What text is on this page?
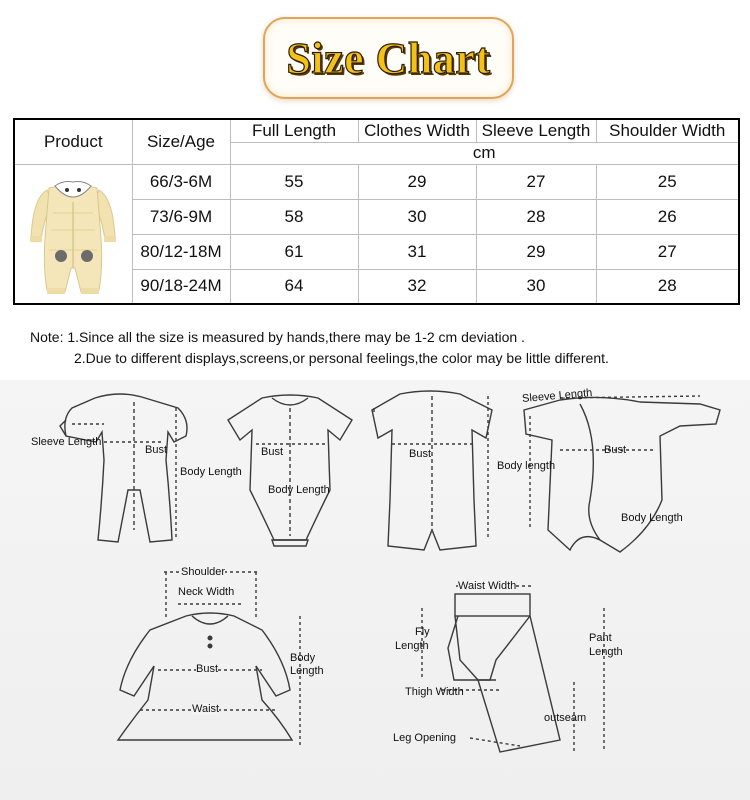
Size Chart
Product	Size/Age	Full Length	Clothes Width	Sleeve Length	Shoulder Width
		cm			

	66/3-6M	55	29	27	25
	73/6-9M	58	30	28	26
	80/12-18M	61	31	29	27
	90/18-24M	64	32	30	28
Note: 1.Since all the size is measured by hands,there may be 1-2 cm deviation .
2.Due to different displays,screens,or personal feelings,the color may be little different.
Sleeve Length
Bust
Body Length
Bust
Body Length
Bust
Body length
Sleeve Length
Bust
Body Length
Shoulder
Neck Width
Bust
Waist
Body
Length
Waist Width
Fly
Length
Pant
Length
Thigh Width
outseam
Leg Opening
